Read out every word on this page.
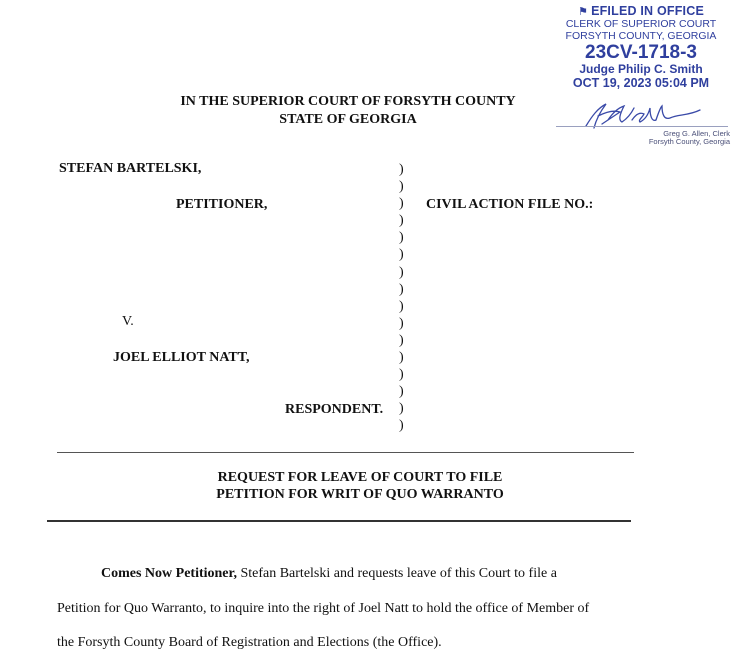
⚑ EFILED IN OFFICE
CLERK OF SUPERIOR COURT
FORSYTH COUNTY, GEORGIA
23CV-1718-3
Judge Philip C. Smith
OCT 19, 2023 05:04 PM
Greg G. Allen, Clerk
Forsyth County, Georgia
IN THE SUPERIOR COURT OF FORSYTH COUNTY
STATE OF GEORGIA
STEFAN BARTELSKI,
PETITIONER,
V.
JOEL ELLIOT NATT,
RESPONDENT.
)
)
)
)
)
)
)
)
)
)
)
)
)
)
)
)
CIVIL ACTION FILE NO.:
REQUEST FOR LEAVE OF COURT TO FILE
PETITION FOR WRIT OF QUO WARRANTO
Comes Now Petitioner, Stefan Bartelski and requests leave of this Court to file a
Petition for Quo Warranto, to inquire into the right of Joel Natt to hold the office of Member of
the Forsyth County Board of Registration and Elections (the Office).
